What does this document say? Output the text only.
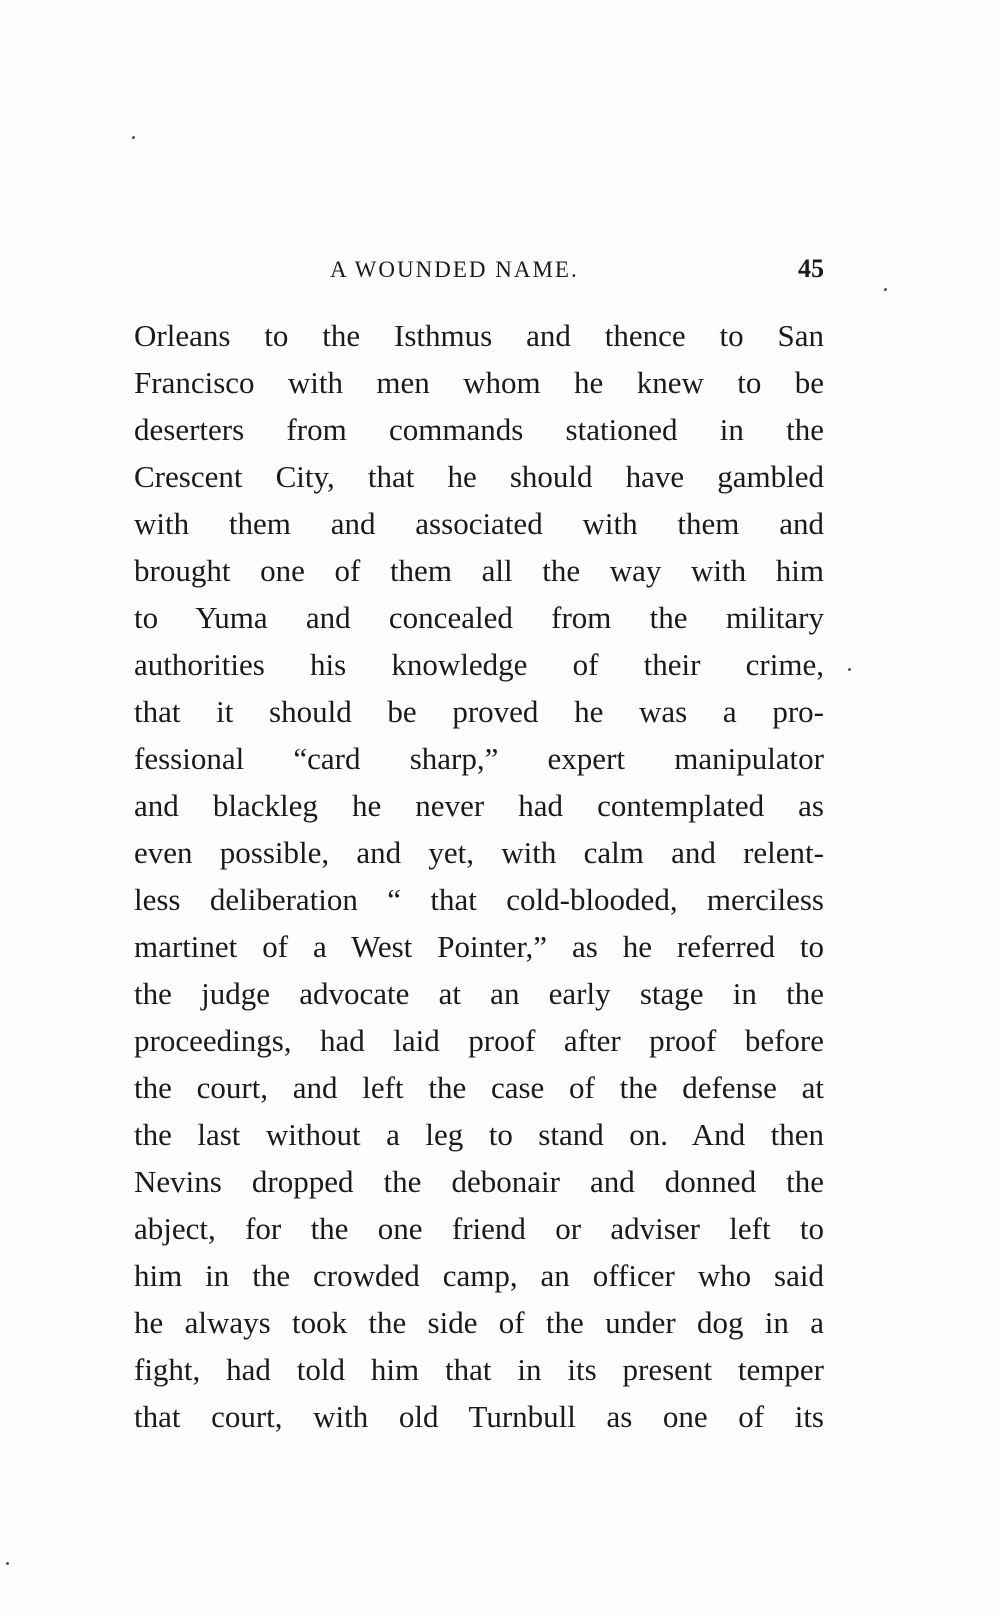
A WOUNDED NAME.	45
Orleans to the Isthmus and thence to San
Francisco with men whom he knew to be
deserters from commands stationed in the
Crescent City, that he should have gambled
with them and associated with them and
brought one of them all the way with him
to Yuma and concealed from the military
authorities his knowledge of their crime,
that it should be proved he was a pro-
fessional “card sharp,” expert manipulator
and blackleg he never had contemplated as
even possible, and yet, with calm and relent-
less deliberation “ that cold-blooded, merciless
martinet of a West Pointer,” as he referred to
the judge advocate at an early stage in the
proceedings, had laid proof after proof before
the court, and left the case of the defense at
the last without a leg to stand on. And then
Nevins dropped the debonair and donned the
abject, for the one friend or adviser left to
him in the crowded camp, an officer who said
he always took the side of the under dog in a
fight, had told him that in its present temper
that court, with old Turnbull as one of its
